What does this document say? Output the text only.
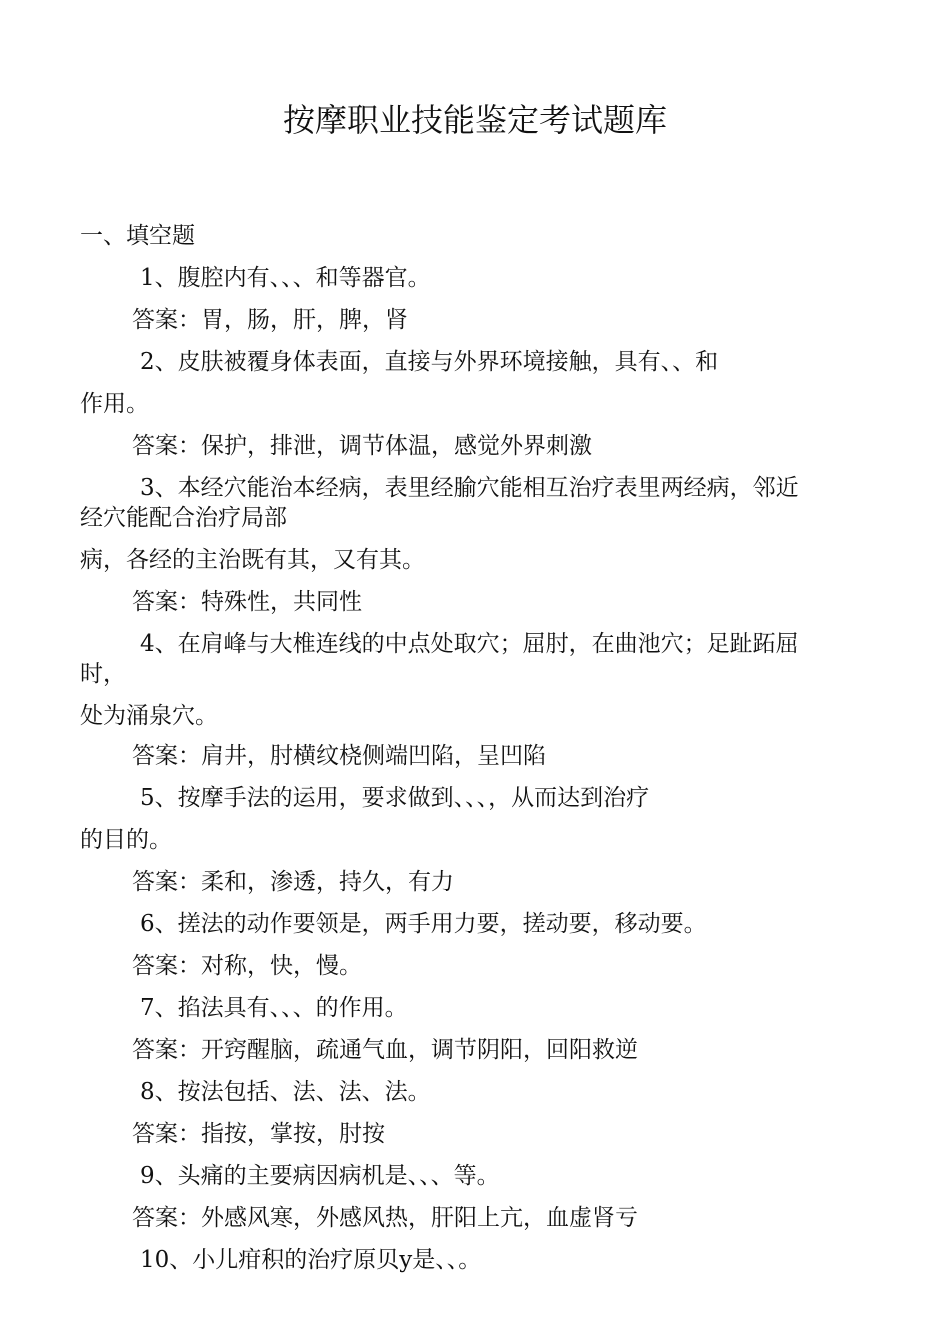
按摩职业技能鉴定考试题库
一、填空题
1、腹腔内有、、、和等器官。
答案：胃，肠，肝，脾，肾
2、皮肤被覆身体表面，直接与外界环境接触，具有、、和
作用。
答案：保护，排泄，调节体温，感觉外界刺激
3、本经穴能治本经病，表里经腧穴能相互治疗表里两经病，邻近
经穴能配合治疗局部
病，各经的主治既有其，又有其。
答案：特殊性，共同性
4、在肩峰与大椎连线的中点处取穴；屈肘，在曲池穴；足趾跖屈
时，
处为涌泉穴。
答案：肩井，肘横纹桡侧端凹陷，呈凹陷
5、按摩手法的运用，要求做到、、、，从而达到治疗
的目的。
答案：柔和，渗透，持久，有力
6、搓法的动作要领是，两手用力要，搓动要，移动要。
答案：对称，快，慢。
7、掐法具有、、、的作用。
答案：开窍醒脑，疏通气血，调节阴阳，回阳救逆
8、按法包括、法、法、法。
答案：指按，掌按，肘按
9、头痛的主要病因病机是、、、等。
答案：外感风寒，外感风热，肝阳上亢，血虚肾亏
10、小儿疳积的治疗原贝y是、、。
